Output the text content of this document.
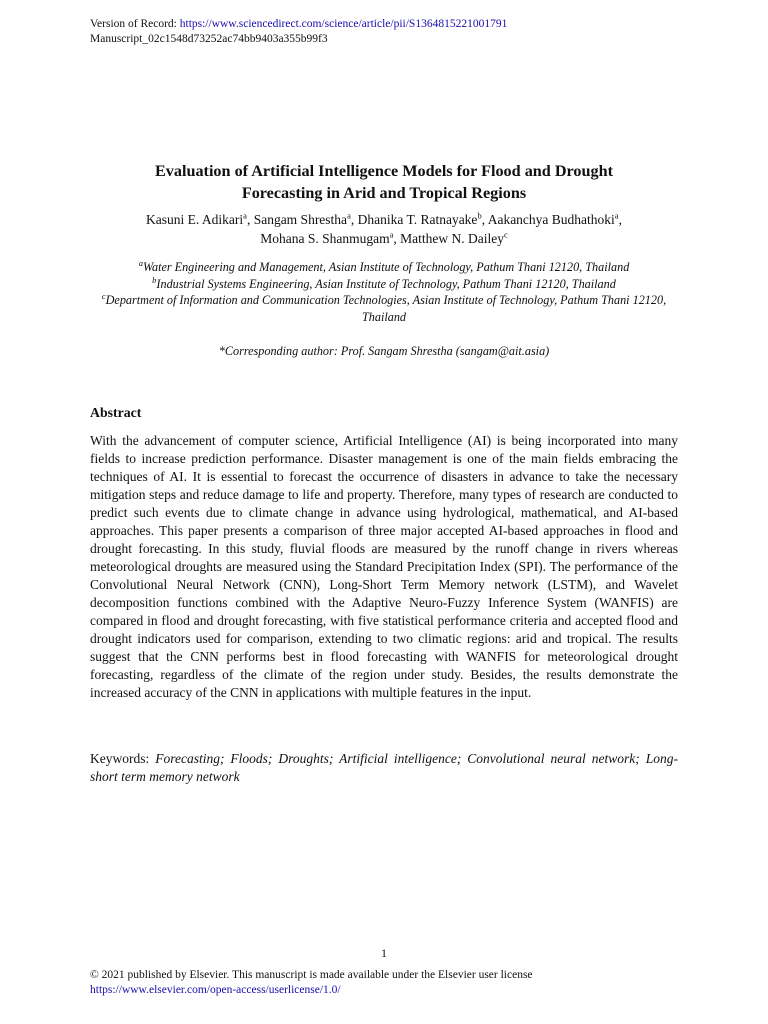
Version of Record: https://www.sciencedirect.com/science/article/pii/S1364815221001791
Manuscript_02c1548d73252ac74bb9403a355b99f3
Evaluation of Artificial Intelligence Models for Flood and Drought
Forecasting in Arid and Tropical Regions
Kasuni E. Adikari$^a$, Sangam Shrestha$^a$, Dhanika T. Ratnayake$^b$, Aakanchya Budhathoki$^a$,
Mohana S. Shanmugam$^a$, Matthew N. Dailey$^c$
$^a$Water Engineering and Management, Asian Institute of Technology, Pathum Thani 12120, Thailand
$^b$Industrial Systems Engineering, Asian Institute of Technology, Pathum Thani 12120, Thailand
$^c$Department of Information and Communication Technologies, Asian Institute of Technology, Pathum Thani 12120, Thailand
*Corresponding author: Prof. Sangam Shrestha (sangam@ait.asia)
Abstract

With the advancement of computer science, Artificial Intelligence (AI) is being incorporated into many fields to increase prediction performance. Disaster management is one of the main fields embracing the techniques of AI. It is essential to forecast the occurrence of disasters in advance to take the necessary mitigation steps and reduce damage to life and property. Therefore, many types of research are conducted to predict such events due to climate change in advance using hydrological, mathematical, and AI-based approaches. This paper presents a comparison of three major accepted AI-based approaches in flood and drought forecasting. In this study, fluvial floods are measured by the runoff change in rivers whereas meteorological droughts are measured using the Standard Precipitation Index (SPI). The performance of the Convolutional Neural Network (CNN), Long-Short Term Memory network (LSTM), and Wavelet decomposition functions combined with the Adaptive Neuro-Fuzzy Inference System (WANFIS) are compared in flood and drought forecasting, with five statistical performance criteria and accepted flood and drought indicators used for comparison, extending to two climatic regions: arid and tropical. The results suggest that the CNN performs best in flood forecasting with WANFIS for meteorological drought forecasting, regardless of the climate of the region under study. Besides, the results demonstrate the increased accuracy of the CNN in applications with multiple features in the input.

Keywords: Forecasting; Floods; Droughts; Artificial intelligence; Convolutional neural network; Long-short term memory network

1
© 2021 published by Elsevier. This manuscript is made available under the Elsevier user license
https://www.elsevier.com/open-access/userlicense/1.0/
